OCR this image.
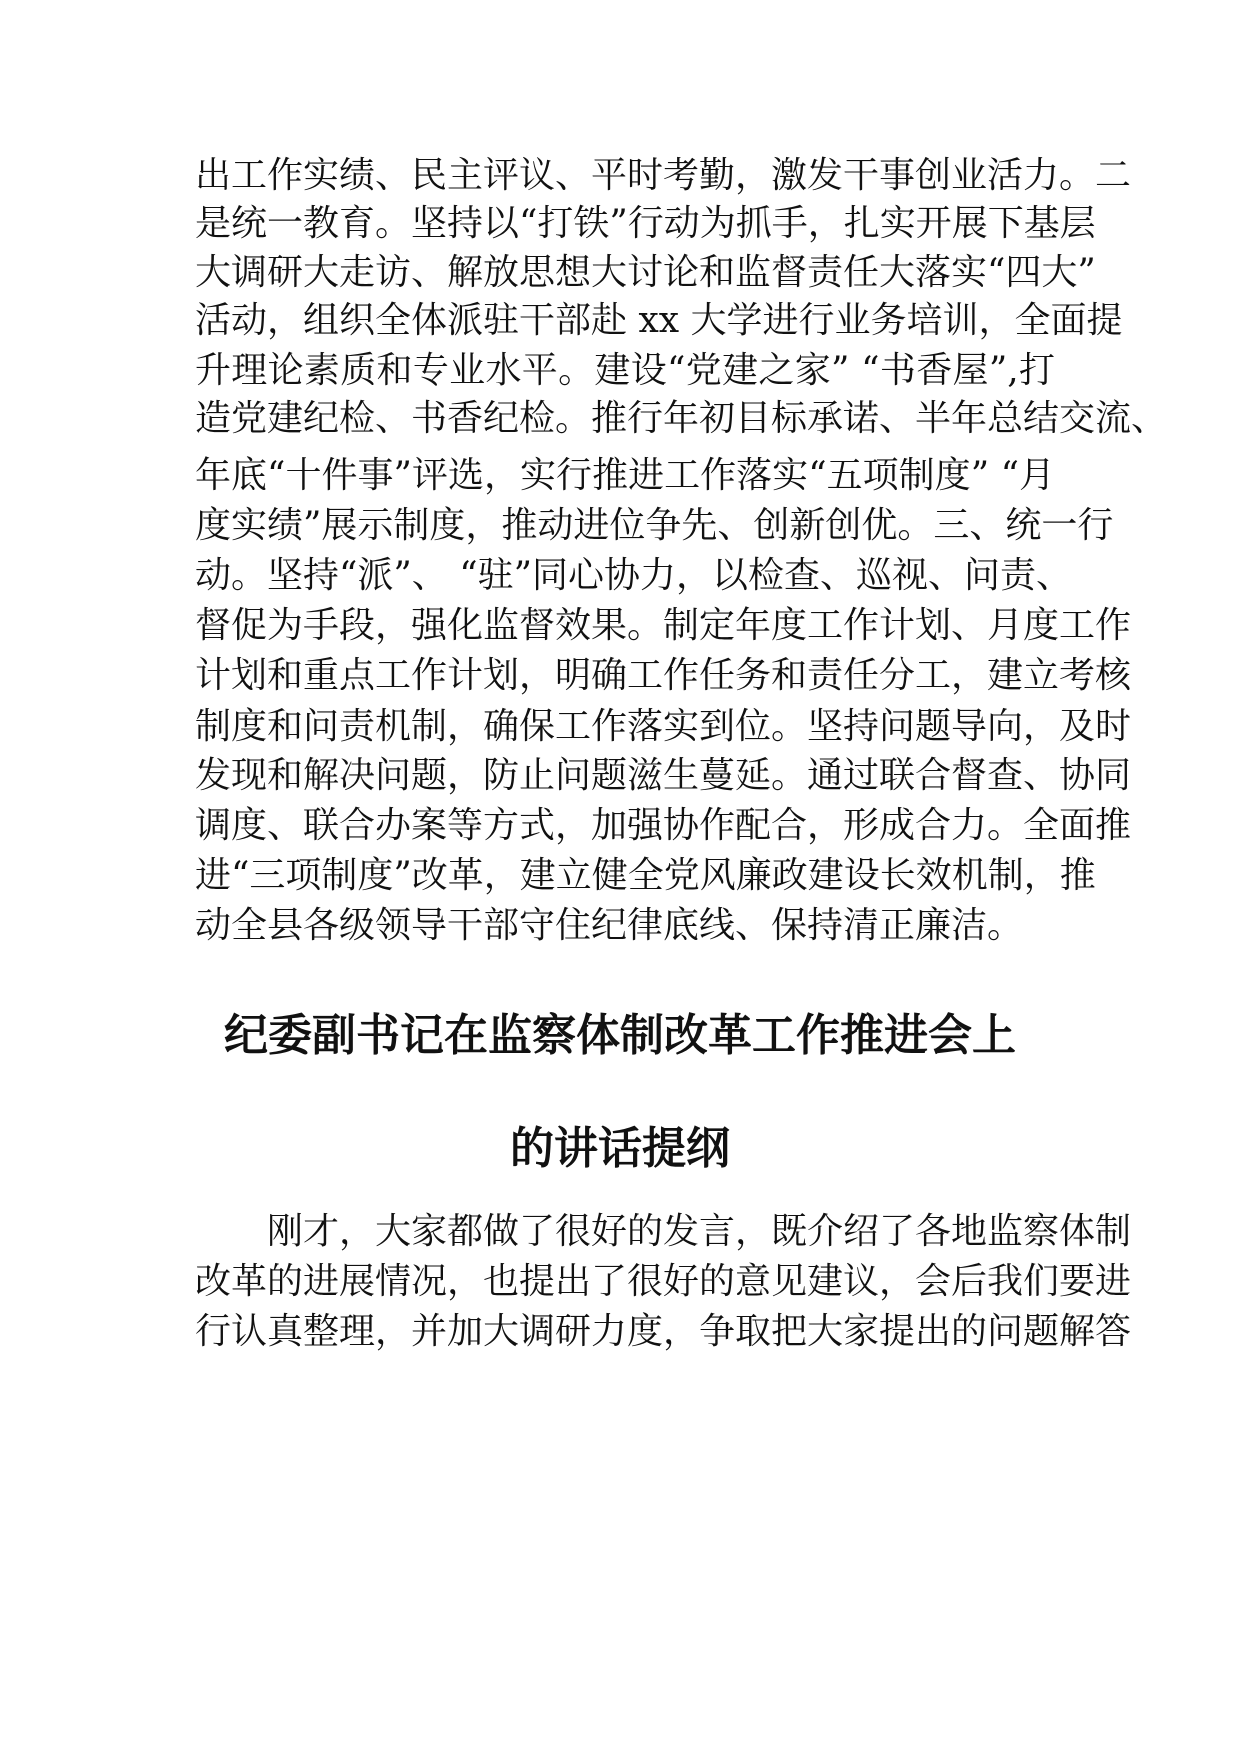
出工作实绩、民主评议、平时考勤，激发干事创业活力。二
是统一教育。坚持以“打铁”行动为抓手，扎实开展下基层
大调研大走访、解放思想大讨论和监督责任大落实“四大”
活动，组织全体派驻干部赴 xx 大学进行业务培训，全面提
升理论素质和专业水平。建设“党建之家” “书香屋”,打
造党建纪检、书香纪检。推行年初目标承诺、半年总结交流、
年底“十件事”评选，实行推进工作落实“五项制度” “月
度实绩”展示制度，推动进位争先、创新创优。三、统一行
动。坚持“派”、 “驻”同心协力，以检查、巡视、问责、
督促为手段，强化监督效果。制定年度工作计划、月度工作
计划和重点工作计划，明确工作任务和责任分工，建立考核
制度和问责机制，确保工作落实到位。坚持问题导向，及时
发现和解决问题，防止问题滋生蔓延。通过联合督查、协同
调度、联合办案等方式，加强协作配合，形成合力。全面推
进“三项制度”改革，建立健全党风廉政建设长效机制，推
动全县各级领导干部守住纪律底线、保持清正廉洁。
纪委副书记在监察体制改革工作推进会上
的讲话提纲
刚才，大家都做了很好的发言，既介绍了各地监察体制
改革的进展情况，也提出了很好的意见建议，会后我们要进
行认真整理，并加大调研力度，争取把大家提出的问题解答
